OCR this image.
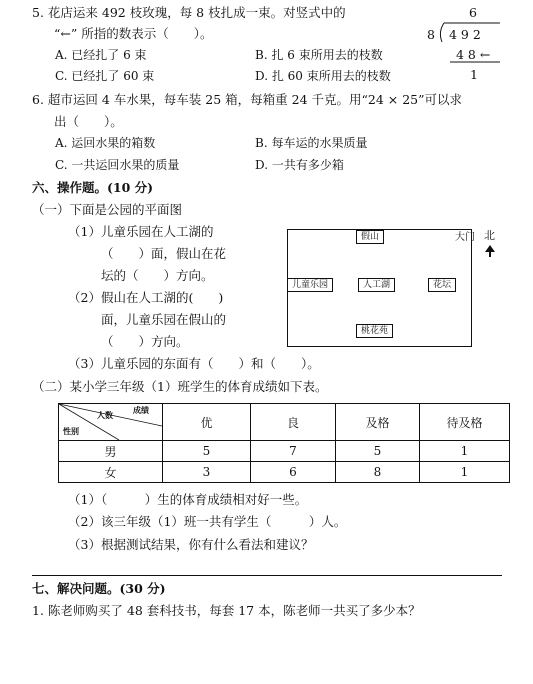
5. 花店运来 492 枝玫瑰，每 8 枝扎成一束。对竖式中的
“←” 所指的数表示（　　）。
A. 已经扎了 6 束	B. 扎 6 束所用去的枝数
C. 已经扎了 60 束	D. 扎 60 束所用去的枝数
6
8 4 9 2
4 8 ←
1
6. 超市运回 4 车水果，每车装 25 箱，每箱重 24 千克。用“24 × 25”可以求
出（　　）。
A. 运回水果的箱数	B. 每车运的水果质量
C. 一共运回水果的质量	D. 一共有多少箱
六、操作题。(10 分)
（一）下面是公园的平面图
（1）儿童乐园在人工湖的
（　　）面，假山在花
坛的（　　）方向。
（2）假山在人工湖的(　　)
面，儿童乐园在假山的
（　　）方向。
（3）儿童乐园的东面有（　　）和（　　）。
假山
儿童乐园	人工湖	花坛
桃花苑
大门 北
（二）某小学三年级（1）班学生的体育成绩如下表。
人数 成绩
性别	优	良	及格	待及格
男	5	7	5	1
女	3	6	8	1
（1）（　　　）生的体育成绩相对好一些。
（2）该三年级（1）班一共有学生（　　　）人。
（3）根据测试结果，你有什么看法和建议？
七、解决问题。(30 分)
1. 陈老师购买了 48 套科技书，每套 17 本，陈老师一共买了多少本？
